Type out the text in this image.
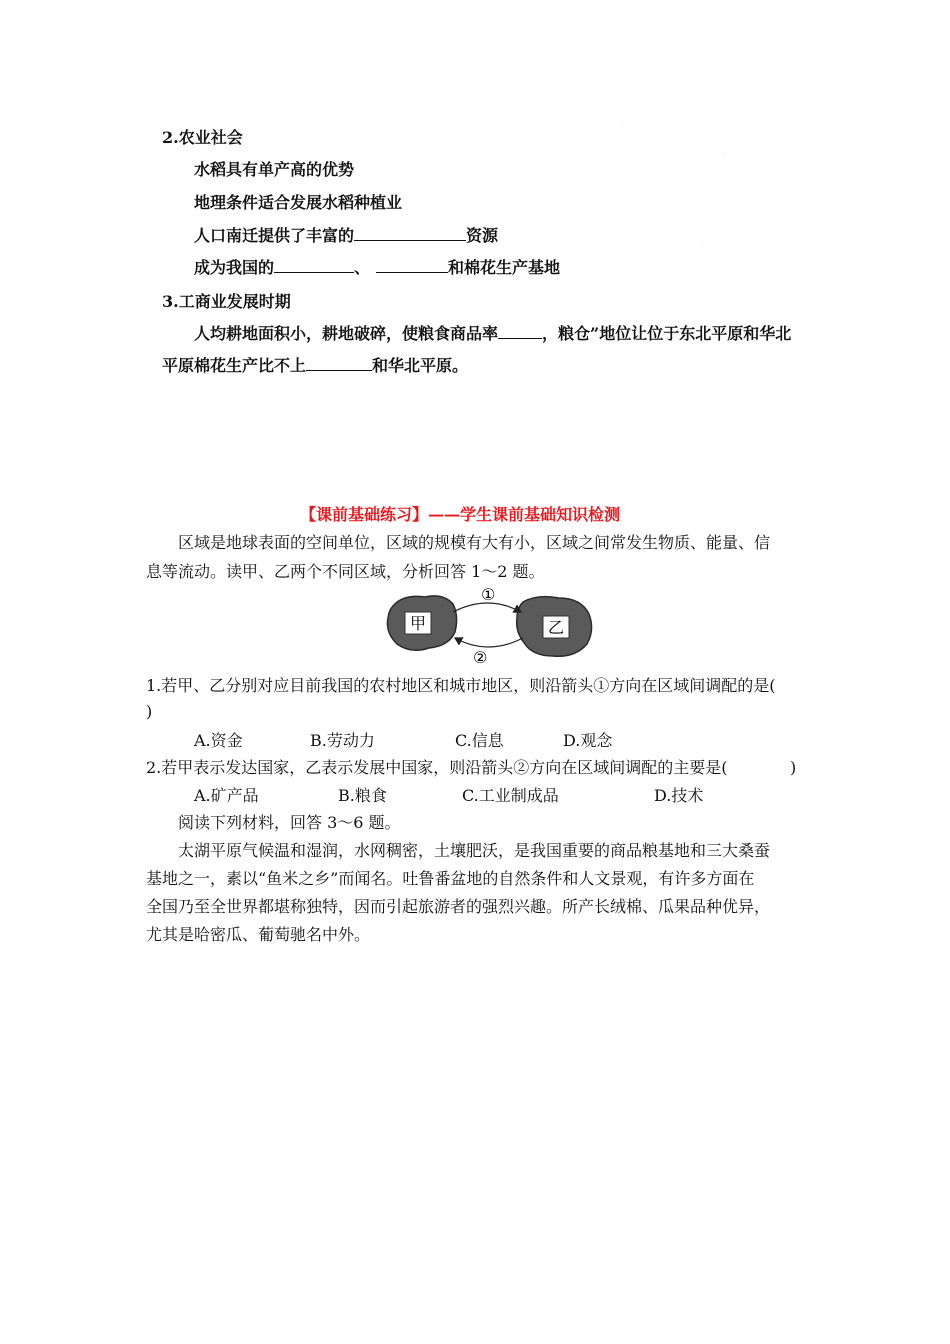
2.农业社会
水稻具有单产高的优势
地理条件适合发展水稻种植业
人口南迁提供了丰富的	资源
成为我国的	、	和棉花生产基地
3.工商业发展时期
人均耕地面积小，耕地破碎，使粮食商品率	，粮仓”地位让位于东北平原和华北
平原棉花生产比不上	和华北平原。
【课前基础练习】——学生课前基础知识检测
区域是地球表面的空间单位，区域的规模有大有小，区域之间常发生物质、能量、信
息等流动。读甲、乙两个不同区域，分析回答 1～2 题。
甲	乙
①
②
1.若甲、乙分别对应目前我国的农村地区和城市地区，则沿箭头①方向在区域间调配的是(
)
A.资金	B.劳动力	C.信息	D.观念
2.若甲表示发达国家，乙表示发展中国家，则沿箭头②方向在区域间调配的主要是(	)
A.矿产品	B.粮食	C.工业制成品	D.技术
阅读下列材料，回答 3～6 题。
太湖平原气候温和湿润，水网稠密，土壤肥沃，是我国重要的商品粮基地和三大桑蚕
基地之一，素以“鱼米之乡”而闻名。吐鲁番盆地的自然条件和人文景观，有许多方面在
全国乃至全世界都堪称独特，因而引起旅游者的强烈兴趣。所产长绒棉、瓜果品种优异，
尤其是哈密瓜、葡萄驰名中外。
◦
◦
◦
